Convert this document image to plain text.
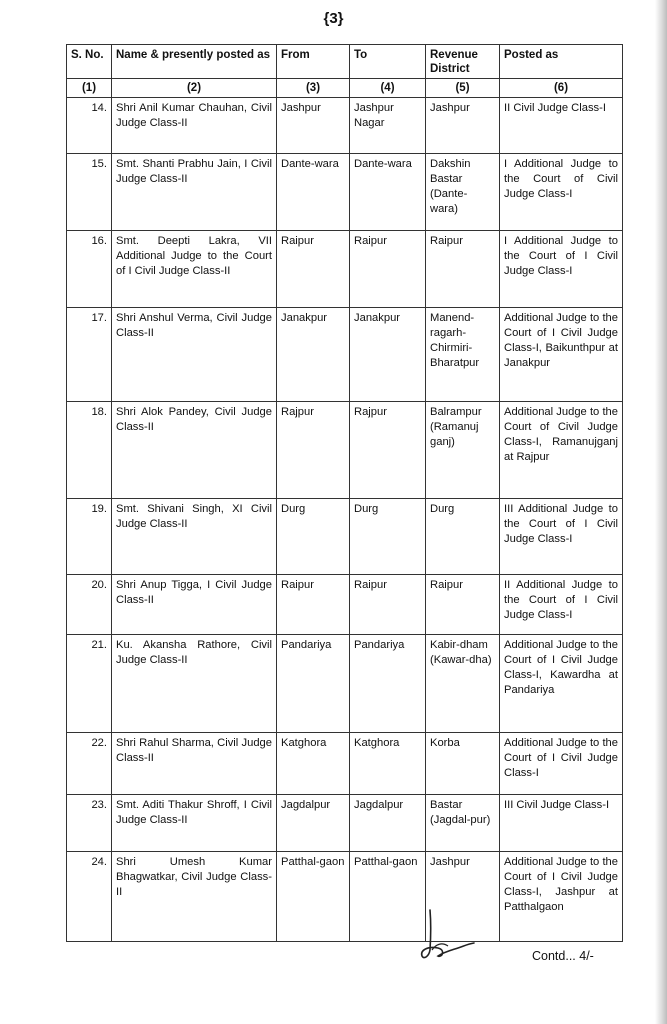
{3}
S. No.	Name & presently posted as	From	To	Revenue District	Posted as
(1)	(2)	(3)	(4)	(5)	(6)
14.	Shri Anil Kumar Chauhan, Civil Judge Class-II	Jashpur	Jashpur Nagar	Jashpur	II Civil Judge Class-I
15.	Smt. Shanti Prabhu Jain, I Civil Judge Class-II	Dante-wara	Dante-wara	Dakshin Bastar (Dante-wara)	I Additional Judge to the Court of Civil Judge Class-I
16.	Smt. Deepti Lakra, VII Additional Judge to the Court of I Civil Judge Class-II	Raipur	Raipur	Raipur	I Additional Judge to the Court of I Civil Judge Class-I
17.	Shri Anshul Verma, Civil Judge Class-II	Janakpur	Janakpur	Manend-ragarh-Chirmiri-Bharatpur	Additional Judge to the Court of I Civil Judge Class-I, Baikunthpur at Janakpur
18.	Shri Alok Pandey, Civil Judge Class-II	Rajpur	Rajpur	Balrampur (Ramanuj ganj)	Additional Judge to the Court of Civil Judge Class-I, Ramanujganj at Rajpur
19.	Smt. Shivani Singh, XI Civil Judge Class-II	Durg	Durg	Durg	III Additional Judge to the Court of I Civil Judge Class-I
20.	Shri Anup Tigga, I Civil Judge Class-II	Raipur	Raipur	Raipur	II Additional Judge to the Court of I Civil Judge Class-I
21.	Ku. Akansha Rathore, Civil Judge Class-II	Pandariya	Pandariya	Kabir-dham (Kawar-dha)	Additional Judge to the Court of I Civil Judge Class-I, Kawardha at Pandariya
22.	Shri Rahul Sharma, Civil Judge Class-II	Katghora	Katghora	Korba	Additional Judge to the Court of I Civil Judge Class-I
23.	Smt. Aditi Thakur Shroff, I Civil Judge Class-II	Jagdalpur	Jagdalpur	Bastar (Jagdal-pur)	III Civil Judge Class-I
24.	Shri Umesh Kumar Bhagwatkar, Civil Judge Class-II	Patthal-gaon	Patthal-gaon	Jashpur	Additional Judge to the Court of I Civil Judge Class-I, Jashpur at Patthalgaon
Contd... 4/-
